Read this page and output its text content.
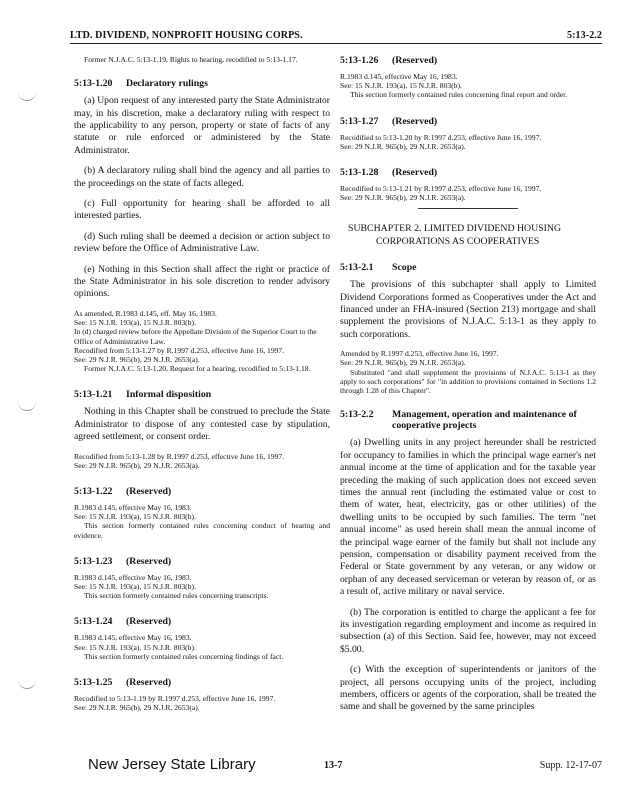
LTD. DIVIDEND, NONPROFIT HOUSING CORPS.	5:13-2.2
Former N.J.A.C. 5:13-1.19, Rights to hearing, recodified to 5:13-1.17.
5:13-1.20	Declaratory rulings

(a) Upon request of any interested party the State Administrator may, in his discretion, make a declaratory ruling with respect to the applicability to any person, property or state of facts of any statute or rule enforced or administered by the State Administrator.

(b) A declaratory ruling shall bind the agency and all parties to the proceedings on the state of facts alleged.

(c) Full opportunity for hearing shall be afforded to all interested parties.

(d) Such ruling shall be deemed a decision or action subject to review before the Office of Administrative Law.

(e) Nothing in this Section shall affect the right or practice of the State Administrator in his sole discretion to render advisory opinions.

As amended, R.1983 d.145, eff. May 16, 1983.
See: 15 N.J.R. 193(a), 15 N.J.R. 803(b).
In (d) charged review before the Appellate Division of the Superior Court to the Office of Administrative Law.
Recodified from 5:13-1.27 by R.1997 d.253, effective June 16, 1997.
See: 29 N.J.R. 965(b), 29 N.J.R. 2653(a).
Former N.J.A.C. 5:13-1.20, Request for a hearing, recodified to 5:13-1.18.
5:13-1.21	Informal disposition

Nothing in this Chapter shall be construed to preclude the State Administrator to dispose of any contested case by stipulation, agreed settlement, or consent order.

Recodified from 5:13-1.28 by R.1997 d.253, effective June 16, 1997.
See: 29 N.J.R. 965(b), 29 N.J.R. 2653(a).
5:13-1.22	(Reserved)
R.1983 d.145, effective May 16, 1983.
See: 15 N.J.R. 193(a), 15 N.J.R. 803(b).
This section formerly contained rules concerning conduct of hearing and evidence.
5:13-1.23	(Reserved)
R.1983 d.145, effective May 16, 1983.
See: 15 N.J.R. 193(a), 15 N.J.R. 803(b).
This section formerly contained rules concerning transcripts.
5:13-1.24	(Reserved)
R.1983 d.145, effective May 16, 1983.
See: 15 N.J.R. 193(a), 15 N.J.R. 803(b).
This section formerly contained rules concerning findings of fact.
5:13-1.25	(Reserved)
Recodified to 5:13-1.19 by R.1997 d.253, effective June 16, 1997.
See: 29 N.J.R. 965(b), 29 N.J.R. 2653(a).
5:13-1.26	(Reserved)
R.1983 d.145, effective May 16, 1983.
See: 15 N.J.R. 193(a), 15 N.J.R. 803(b).
This section formerly contained rules concerning final report and order.
5:13-1.27	(Reserved)
Recodified to 5:13-1.20 by R.1997 d.253, effective June 16, 1997.
See: 29 N.J.R. 965(b), 29 N.J.R. 2653(a).
5:13-1.28	(Reserved)
Recodified to 5:13-1.21 by R.1997 d.253, effective June 16, 1997.
See: 29 N.J.R. 965(b), 29 N.J.R. 2653(a).
SUBCHAPTER 2. LIMITED DIVIDEND HOUSING
CORPORATIONS AS COOPERATIVES
5:13-2.1	Scope

The provisions of this subchapter shall apply to Limited Dividend Corporations formed as Cooperatives under the Act and financed under an FHA-insured (Section 213) mortgage and shall supplement the provisions of N.J.A.C. 5:13-1 as they apply to such corporations.

Amended by R.1997 d.253, effective June 16, 1997.
See: 29 N.J.R. 965(b), 29 N.J.R. 2653(a).
Substituted "and shall supplement the provisions of N.J.A.C. 5:13-1 as they apply to such corporations" for "in addition to provisions contained in Sections 1.2 through 1.28 of this Chapter".
5:13-2.2	Management, operation and maintenance of cooperative projects

(a) Dwelling units in any project hereunder shall be restricted for occupancy to families in which the principal wage earner's net annual income at the time of application and for the taxable year preceding the making of such application does not exceed seven times the annual rent (including the estimated value or cost to them of water, heat, electricity, gas or other utilities) of the dwelling units to be occupied by such families. The term "net annual income" as used herein shall mean the annual income of the principal wage earner of the family but shall not include any pension, compensation or disability payment received from the Federal or State government by any veteran, or any widow or orphan of any deceased serviceman or veteran by reason of, or as a result of, active military or naval service.

(b) The corporation is entitled to charge the applicant a fee for its investigation regarding employment and income as required in subsection (a) of this Section. Said fee, however, may not exceed $5.00.

(c) With the exception of superintendents or janitors of the project, all persons occupying units of the project, including members, officers or agents of the corporation, shall be treated the same and shall be governed by the same principles

New Jersey State Library	13-7	Supp. 12-17-07
